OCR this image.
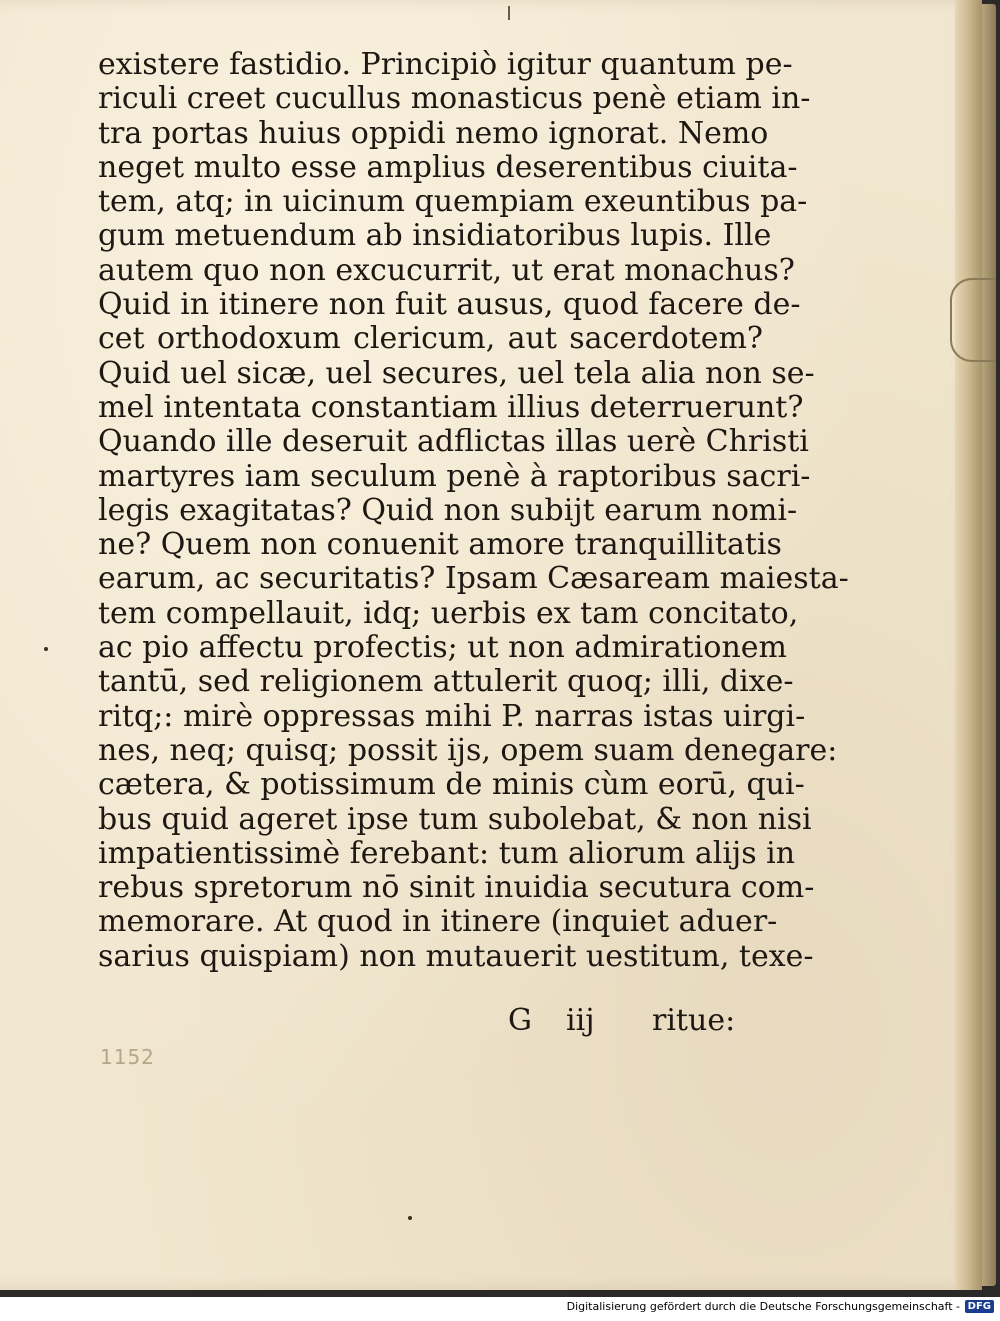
existere fastidio. Principiò igitur quantum pe-
riculi creet cucullus monasticus penè etiam in-
tra portas huius oppidi nemo ignorat. Nemo
neget multo esse amplius deserentibus ciuita-
tem, atq; in uicinum quempiam exeuntibus pa-
gum metuendum ab insidiatoribus lupis. Ille
autem quo non excucurrit, ut erat monachus?
Quid in itinere non fuit ausus, quod facere de-
cet orthodoxum clericum, aut sacerdotem?
Quid uel sicæ, uel secures, uel tela alia non se-
mel intentata constantiam illius deterruerunt?
Quando ille deseruit adflictas illas uerè Christi
martyres iam seculum penè à raptoribus sacri-
legis exagitatas? Quid non subijt earum nomi-
ne? Quem non conuenit amore tranquillitatis
earum, ac securitatis? Ipsam Cæsaream maiesta-
tem compellauit, idq; uerbis ex tam concitato,
ac pio affectu profectis; ut non admirationem
tantū, sed religionem attulerit quoq; illi, dixe-
ritq;: mirè oppressas mihi P. narras istas uirgi-
nes, neq; quisq; possit ijs, opem suam denegare:
cætera, & potissimum de minis cùm eorū, qui-
bus quid ageret ipse tum subolebat, & non nisi
impatientissimè ferebant: tum aliorum alijs in
rebus spretorum nō sinit inuidia secutura com-
memorare. At quod in itinere (inquiet aduer-
sarius quispiam) non mutauerit uestitum, texe-
G iij rituе:
1152
Digitalisierung gefördert durch die Deutsche Forschungsgemeinschaft - DFG
